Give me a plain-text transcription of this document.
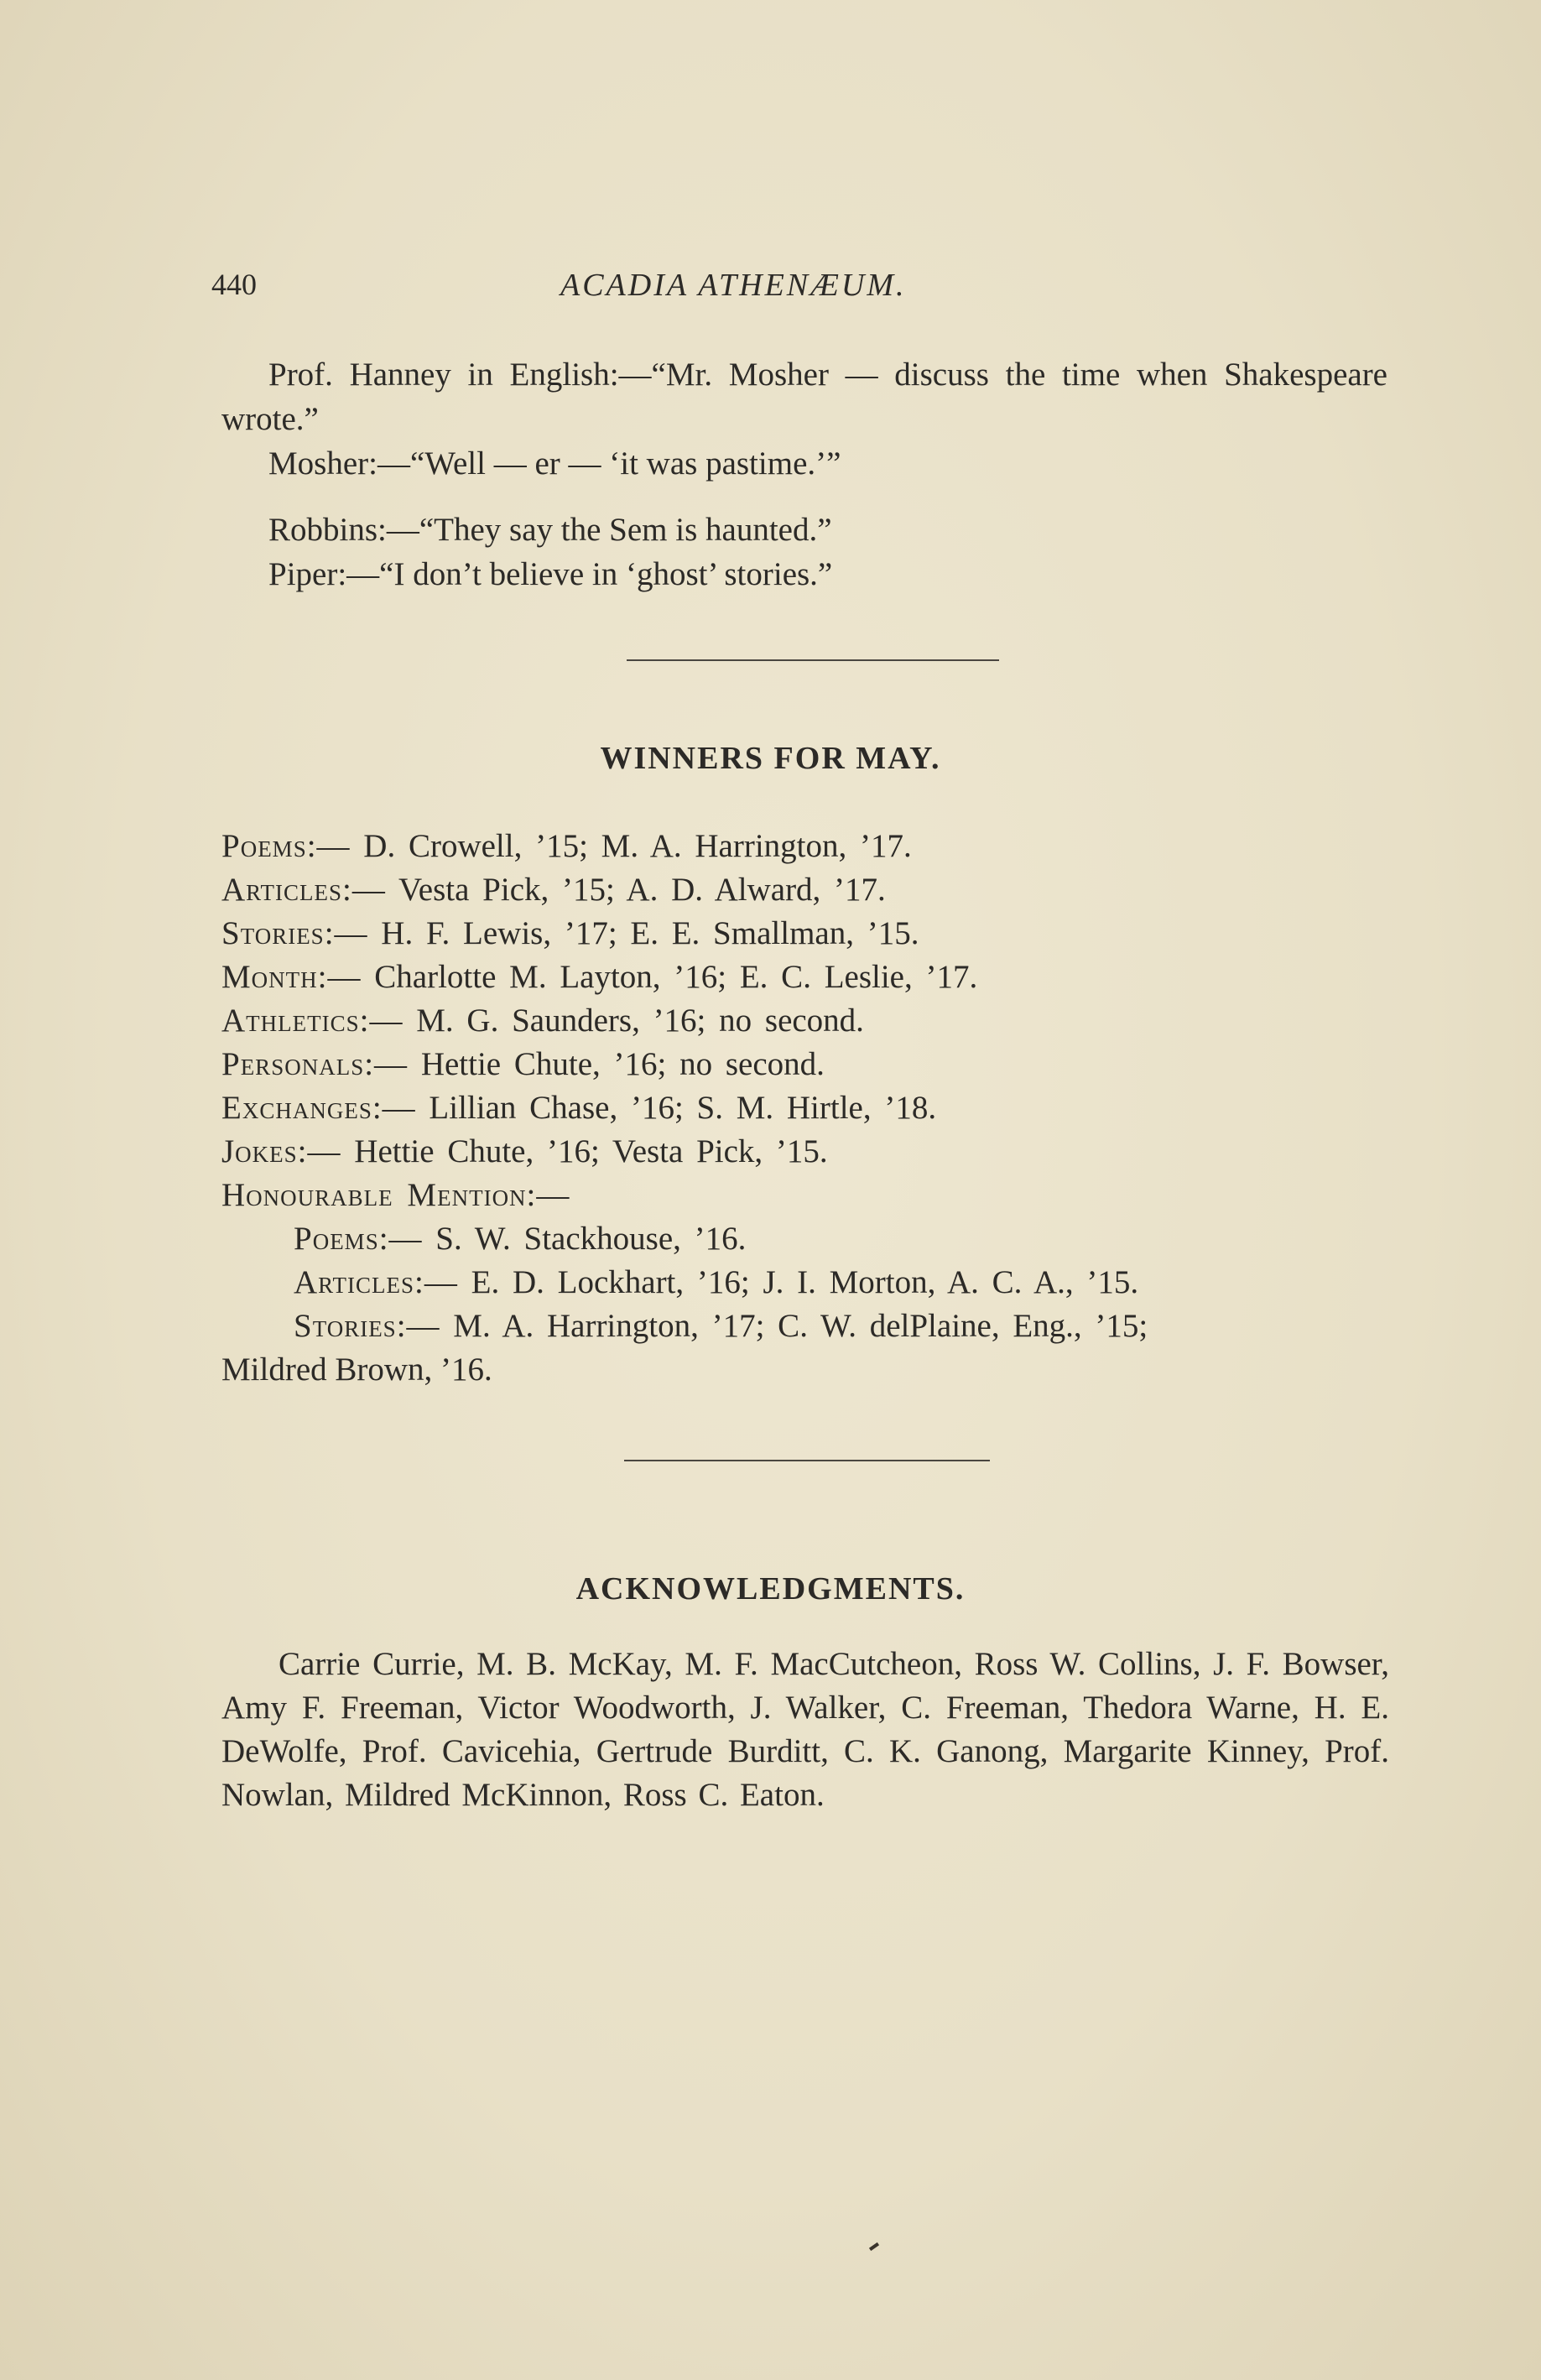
440	ACADIA ATHENÆUM.

Prof. Hanney in English:—“Mr. Mosher — discuss the time when Shakespeare wrote.”

Mosher:—“Well — er — ‘it was pastime.’”

Robbins:—“They say the Sem is haunted.”

Piper:—“I don’t believe in ‘ghost’ stories.”

WINNERS FOR MAY.
Poems:— D. Crowell, ’15; M. A. Harrington, ’17.
Articles:— Vesta Pick, ’15; A. D. Alward, ’17.
Stories:— H. F. Lewis, ’17; E. E. Smallman, ’15.
Month:— Charlotte M. Layton, ’16; E. C. Leslie, ’17.
Athletics:— M. G. Saunders, ’16; no second.
Personals:— Hettie Chute, ’16; no second.
Exchanges:— Lillian Chase, ’16; S. M. Hirtle, ’18.
Jokes:— Hettie Chute, ’16; Vesta Pick, ’15.
Honourable Mention:—
Poems:— S. W. Stackhouse, ’16.
Articles:— E. D. Lockhart, ’16; J. I. Morton, A. C. A., ’15.
Stories:— M. A. Harrington, ’17; C. W. delPlaine, Eng., ’15;
Mildred Brown, ’16.
ACKNOWLEDGMENTS.

Carrie Currie, M. B. McKay, M. F. MacCutcheon, Ross W. Collins, J. F. Bowser, Amy F. Freeman, Victor Woodworth, J. Walker, C. Freeman, Thedora Warne, H. E. DeWolfe, Prof. Cavicehia, Gertrude Burditt, C. K. Ganong, Margarite Kinney, Prof. Nowlan, Mildred McKinnon, Ross C. Eaton.
